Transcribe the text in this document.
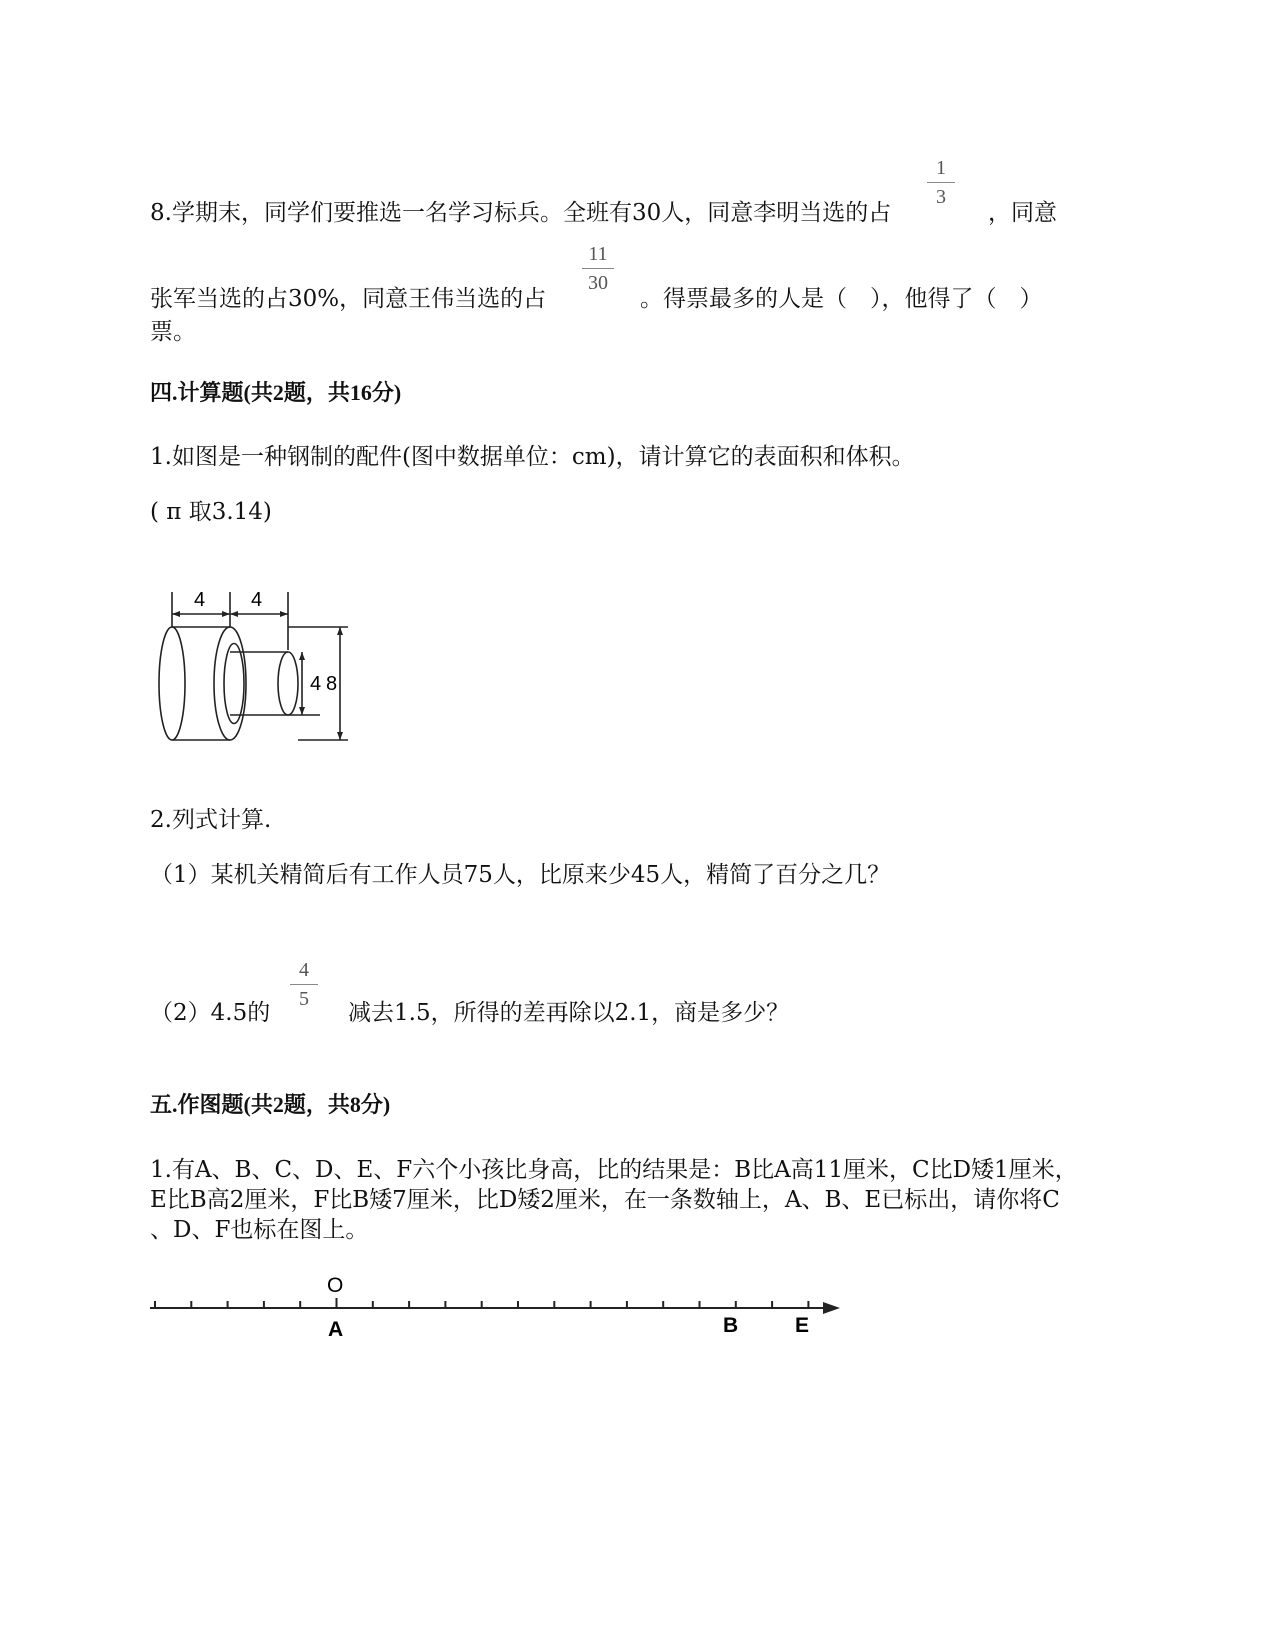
8.学期末，同学们要推选一名学习标兵。全班有30人，同意李明当选的占
1
3
，同意
11
30
张军当选的占30%，同意王伟当选的占	。得票最多的人是（　），他得了（　）
票。
四.计算题(共2题，共16分)
1.如图是一种钢制的配件(图中数据单位：cm)，请计算它的表面积和体积。
( π 取3.14)
4 4
4 8
2.列式计算.
（1）某机关精简后有工作人员75人，比原来少45人，精简了百分之几？
4
5
（2）4.5的	减去1.5，所得的差再除以2.1，商是多少？
五.作图题(共2题，共8分)
1.有A、B、C、D、E、F六个小孩比身高，比的结果是：B比A高11厘米，C比D矮1厘米，
E比B高2厘米，F比B矮7厘米，比D矮2厘米，在一条数轴上，A、B、E已标出，请你将C
、D、F也标在图上。
O
A	B	E
